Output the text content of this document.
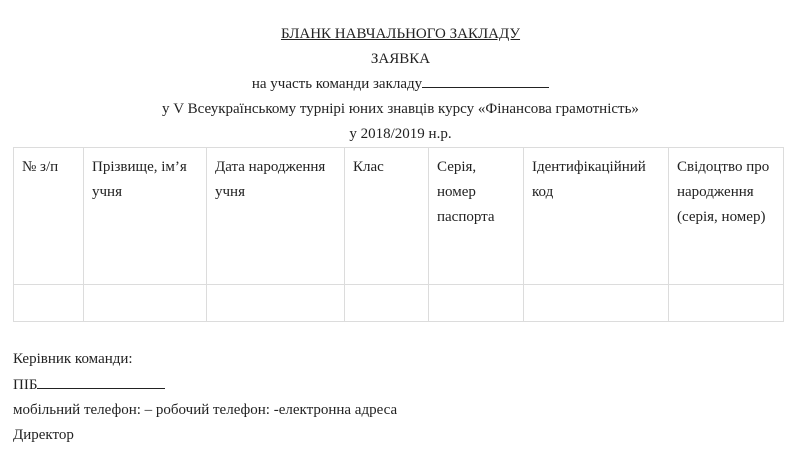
БЛАНК НАВЧАЛЬНОГО ЗАКЛАДУ
ЗАЯВКА
на участь команди закладу
у V Всеукраїнському турнірі юних знавців курсу «Фінансова грамотність»
у 2018/2019 н.р.
№ з/п	Прізвище, ім’я учня	Дата народження учня	Клас	Серія, номер паспорта	Ідентифікаційний код	Свідоцтво про народження (серія, номер)

Керівник команди:
ПІБ
мобільний телефон: – робочий телефон: -електронна адреса
Директор
